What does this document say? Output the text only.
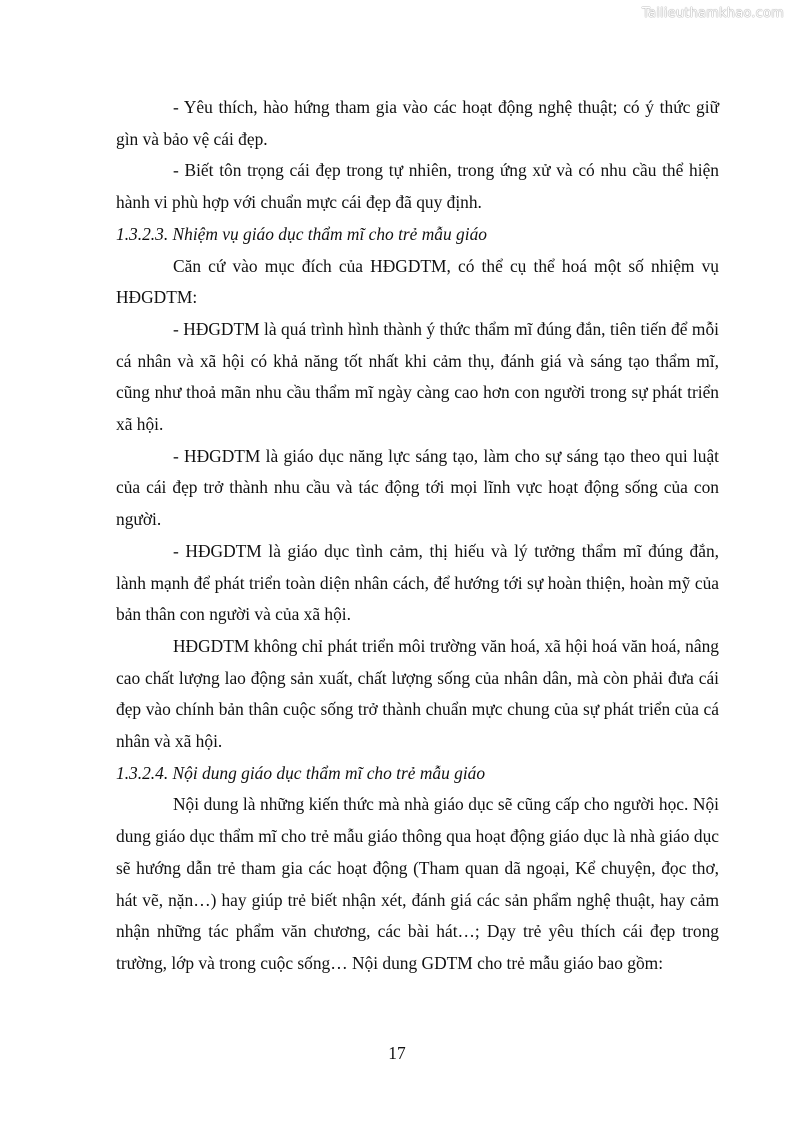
Tailieuthamkhao.com

- Yêu thích, hào hứng tham gia vào các hoạt động nghệ thuật; có ý thức giữ gìn và bảo vệ cái đẹp.

- Biết tôn trọng cái đẹp trong tự nhiên, trong ứng xử và có nhu cầu thể hiện hành vi phù hợp với chuẩn mực cái đẹp đã quy định.

1.3.2.3. Nhiệm vụ giáo dục thẩm mĩ cho trẻ mẫu giáo

Căn cứ vào mục đích của HĐGDTM, có thể cụ thể hoá một số nhiệm vụ HĐGDTM:

- HĐGDTM là quá trình hình thành ý thức thẩm mĩ đúng đắn, tiên tiến để mỗi cá nhân và xã hội có khả năng tốt nhất khi cảm thụ, đánh giá và sáng tạo thẩm mĩ, cũng như thoả mãn nhu cầu thẩm mĩ ngày càng cao hơn con người trong sự phát triển xã hội.

- HĐGDTM là giáo dục năng lực sáng tạo, làm cho sự sáng tạo theo qui luật của cái đẹp trở thành nhu cầu và tác động tới mọi lĩnh vực hoạt động sống của con người.

- HĐGDTM là giáo dục tình cảm, thị hiếu và lý tưởng thẩm mĩ đúng đắn, lành mạnh để phát triển toàn diện nhân cách, để hướng tới sự hoàn thiện, hoàn mỹ của bản thân con người và của xã hội.

HĐGDTM không chỉ phát triển môi trường văn hoá, xã hội hoá văn hoá, nâng cao chất lượng lao động sản xuất, chất lượng sống của nhân dân, mà còn phải đưa cái đẹp vào chính bản thân cuộc sống trở thành chuẩn mực chung của sự phát triển của cá nhân và xã hội.

1.3.2.4. Nội dung giáo dục thẩm mĩ cho trẻ mẫu giáo

Nội dung là những kiến thức mà nhà giáo dục sẽ cũng cấp cho người học. Nội dung giáo dục thẩm mĩ cho trẻ mẫu giáo thông qua hoạt động giáo dục là nhà giáo dục sẽ hướng dẫn trẻ tham gia các hoạt động (Tham quan dã ngoại, Kể chuyện, đọc thơ, hát vẽ, nặn…) hay giúp trẻ biết nhận xét, đánh giá các sản phẩm nghệ thuật, hay cảm nhận những tác phẩm văn chương, các bài hát…; Dạy trẻ yêu thích cái đẹp trong trường, lớp và trong cuộc sống… Nội dung GDTM cho trẻ mẫu giáo bao gồm:

17
